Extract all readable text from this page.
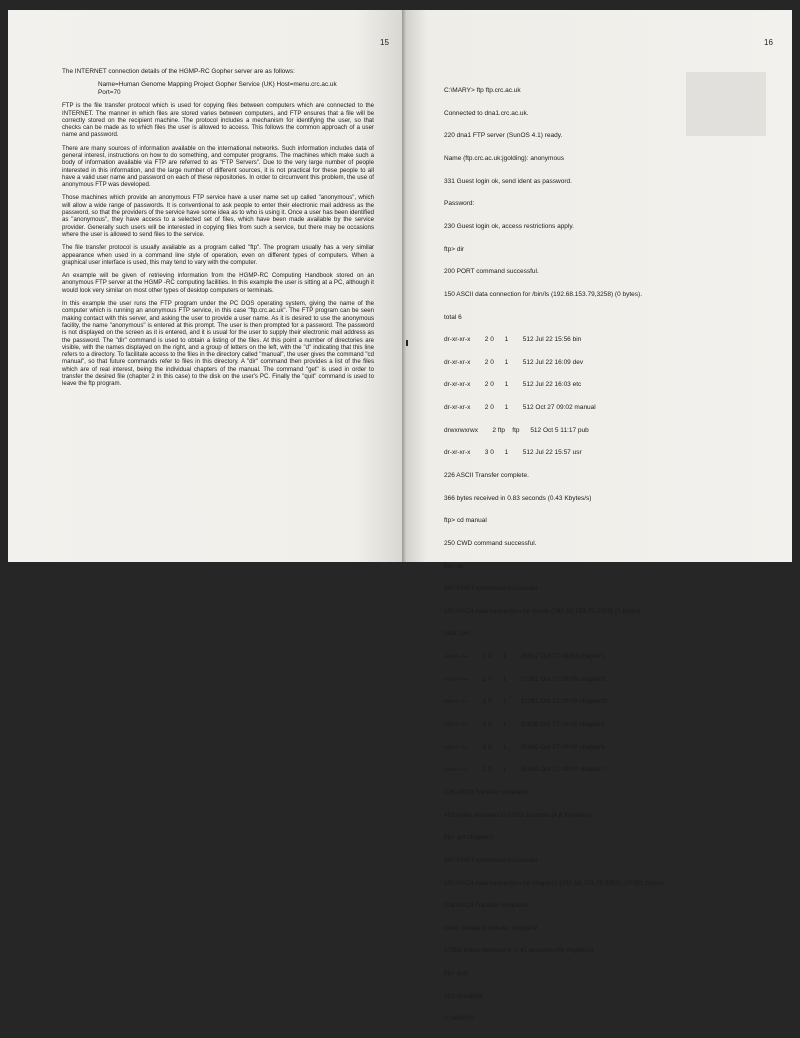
15

The INTERNET connection details of the HGMP-RC Gopher server are as follows:

Name=Human Genome Mapping Project Gopher Service (UK) Host=menu.crc.ac.uk
Port=70

FTP is the file transfer protocol which is used for copying files between computers which are connected to the INTERNET. The manner in which files are stored varies between computers, and FTP ensures that a file will be correctly stored on the recipient machine. The protocol includes a mechanism for identifying the user, so that checks can be made as to which files the user is allowed to access. This follows the common approach of a user name and password.

There are many sources of information available on the international networks. Such information includes data of general interest, instructions on how to do something, and computer programs. The machines which make such a body of information available via FTP are referred to as "FTP Servers". Due to the very large number of people interested in this information, and the large number of different sources, it is not practical for these people to all have a valid user name and password on each of these repositories. In order to circumvent this problem, the use of anonymous FTP was developed.

Those machines which provide an anonymous FTP service have a user name set up called "anonymous", which will allow a wide range of passwords. It is conventional to ask people to enter their electronic mail address as the password, so that the providers of the service have some idea as to who is using it. Once a user has been identified as "anonymous", they have access to a selected set of files, which have been made available by the service provider. Generally such users will be interested in copying files from such a service, but there may be occasions where the user is allowed to send files to the service.

The file transfer protocol is usually available as a program called "ftp". The program usually has a very similar appearance when used in a command line style of operation, even on different types of computers. When a graphical user interface is used, this may tend to vary with the computer.

An example will be given of retrieving information from the HGMP-RC Computing Handbook stored on an anonymous FTP server at the HGMP -RC computing facilities. In this example the user is sitting at a PC, although it would look very similar on most other types of desktop computers or terminals.

In this example the user runs the FTP program under the PC DOS operating system, giving the name of the computer which is running an anonymous FTP service, in this case "ftp.crc.ac.uk". The FTP program can be seen making contact with this server, and asking the user to provide a user name. As it is desired to use the anonymous facility, the name "anonymous" is entered at this prompt. The user is then prompted for a password. The password is not displayed on the screen as it is entered, and it is usual for the user to supply their electronic mail address as the password. The "dir" command is used to obtain a listing of the files. At this point a number of directories are visible, with the names displayed on the right, and a group of letters on the left, with the "d" indicating that this line refers to a directory. To facilitate access to the files in the directory called "manual", the user gives the command "cd manual", so that future commands refer to files in this directory. A "dir" command then provides a list of the files which are of real interest, being the individual chapters of the manual. The command "get" is used in order to transfer the desired file (chapter 2 in this case) to the disk on the user's PC. Finally the "quit" command is used to leave the ftp program.

16

C:\MARY> ftp ftp.crc.ac.uk

Connected to dna1.crc.ac.uk.

220 dna1 FTP server (SunOS 4.1) ready.

Name (ftp.crc.ac.uk:jgolding): anonymous

331 Guest login ok, send ident as password.

Password:

230 Guest login ok, access restrictions apply.

ftp> dir

200 PORT command successful.

150 ASCII data connection for /bin/ls (192.68.153.79,3258) (0 bytes).

total 6

dr-xr-xr-x        2 0      1        512 Jul 22 15:56 bin

dr-xr-xr-x        2 0      1        512 Jul 22 16:09 dev

dr-xr-xr-x        2 0      1        512 Jul 22 16:03 etc

dr-xr-xr-x        2 0      1        512 Oct 27 09:02 manual

drwxrwxrwx        2 ftp    ftp      512 Oct 5 11:17 pub

dr-xr-xr-x        3 0      1        512 Jul 22 15:57 usr

226 ASCII Transfer complete.

366 bytes received in 0.83 seconds (0.43 Kbytes/s)

ftp> cd manual

250 CWD command successful.

ftp> dir

200 PORT command successful.

150 ASCII data connection for /bin/ls (192.68.153.79,3259) (0 bytes).

total 154

-rw-r--r--        1 0      1        28017 Oct 27 08:59 chapter1

-rw-r--r--        1 0      1        27381 Oct 27 09:00 chapter2

-rw-r--r--        1 0      1        17261 Oct 27 09:00 chapter3T

-rw-r--r--        1 0      1        10839 Oct 27 09:00 chapter5

-rw-r--r--        1 0      1        29855 Oct 27 09:00 chapter6

-rw-r--r--        1 0      1        35046 Oct 27 09:00 chapter7

226 ASCII Transfer complete.

459 bytes received in 0.093 seconds (4.8 Kbytes/s)

ftp> get chapter2

200 PORT command successful.

150 ASCII data connection for chapter2 (192.68.153.79,3260) (27381 bytes).

226 ASCII Transfer complete.

local: chapter2 remote: chapter2

27885 bytes received in 0.41 seconds (66 Kbytes/s)

ftp> quit

221 Goodbye.

C:\MARY>
